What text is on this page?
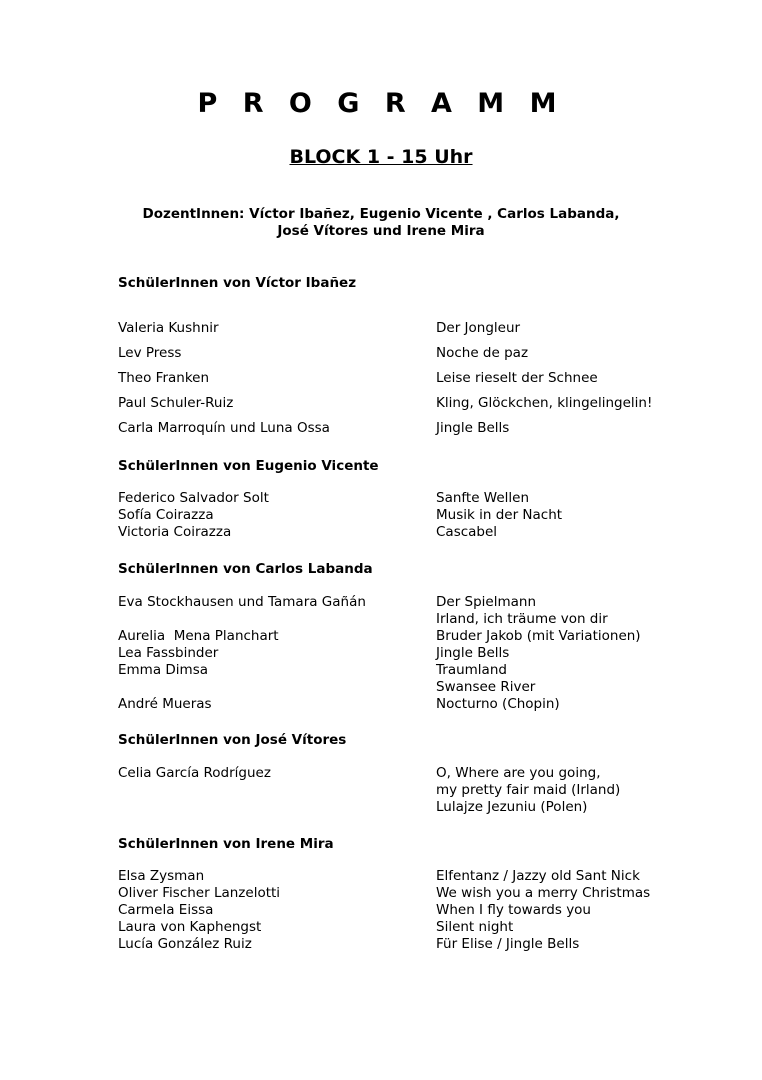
P R O G R A M M
BLOCK 1 - 15 Uhr
DozentInnen: Víctor Ibañez, Eugenio Vicente , Carlos Labanda,
José Vítores und Irene Mira
SchülerInnen von Víctor Ibañez
Valeria Kushnir	Der Jongleur
Lev Press	Noche de paz
Theo Franken	Leise rieselt der Schnee
Paul Schuler-Ruiz	Kling, Glöckchen, klingelingelin!
Carla Marroquín und Luna Ossa	Jingle Bells
SchülerInnen von Eugenio Vicente
Federico Salvador Solt	Sanfte Wellen
Sofía Coirazza	Musik in der Nacht
Victoria Coirazza	Cascabel
SchülerInnen von Carlos Labanda
Eva Stockhausen und Tamara Gañán	Der Spielmann
Irland, ich träume von dir
Aurelia  Mena Planchart	Bruder Jakob (mit Variationen)
Lea Fassbinder	Jingle Bells
Emma Dimsa	Traumland
Swansee River
André Mueras	Nocturno (Chopin)
SchülerInnen von José Vítores
Celia García Rodríguez	O, Where are you going,
my pretty fair maid (Irland)
Lulajze Jezuniu (Polen)
SchülerInnen von Irene Mira
Elsa Zysman	Elfentanz / Jazzy old Sant Nick
Oliver Fischer Lanzelotti	We wish you a merry Christmas
Carmela Eissa	When I fly towards you
Laura von Kaphengst	Silent night
Lucía González Ruiz	Für Elise / Jingle Bells
